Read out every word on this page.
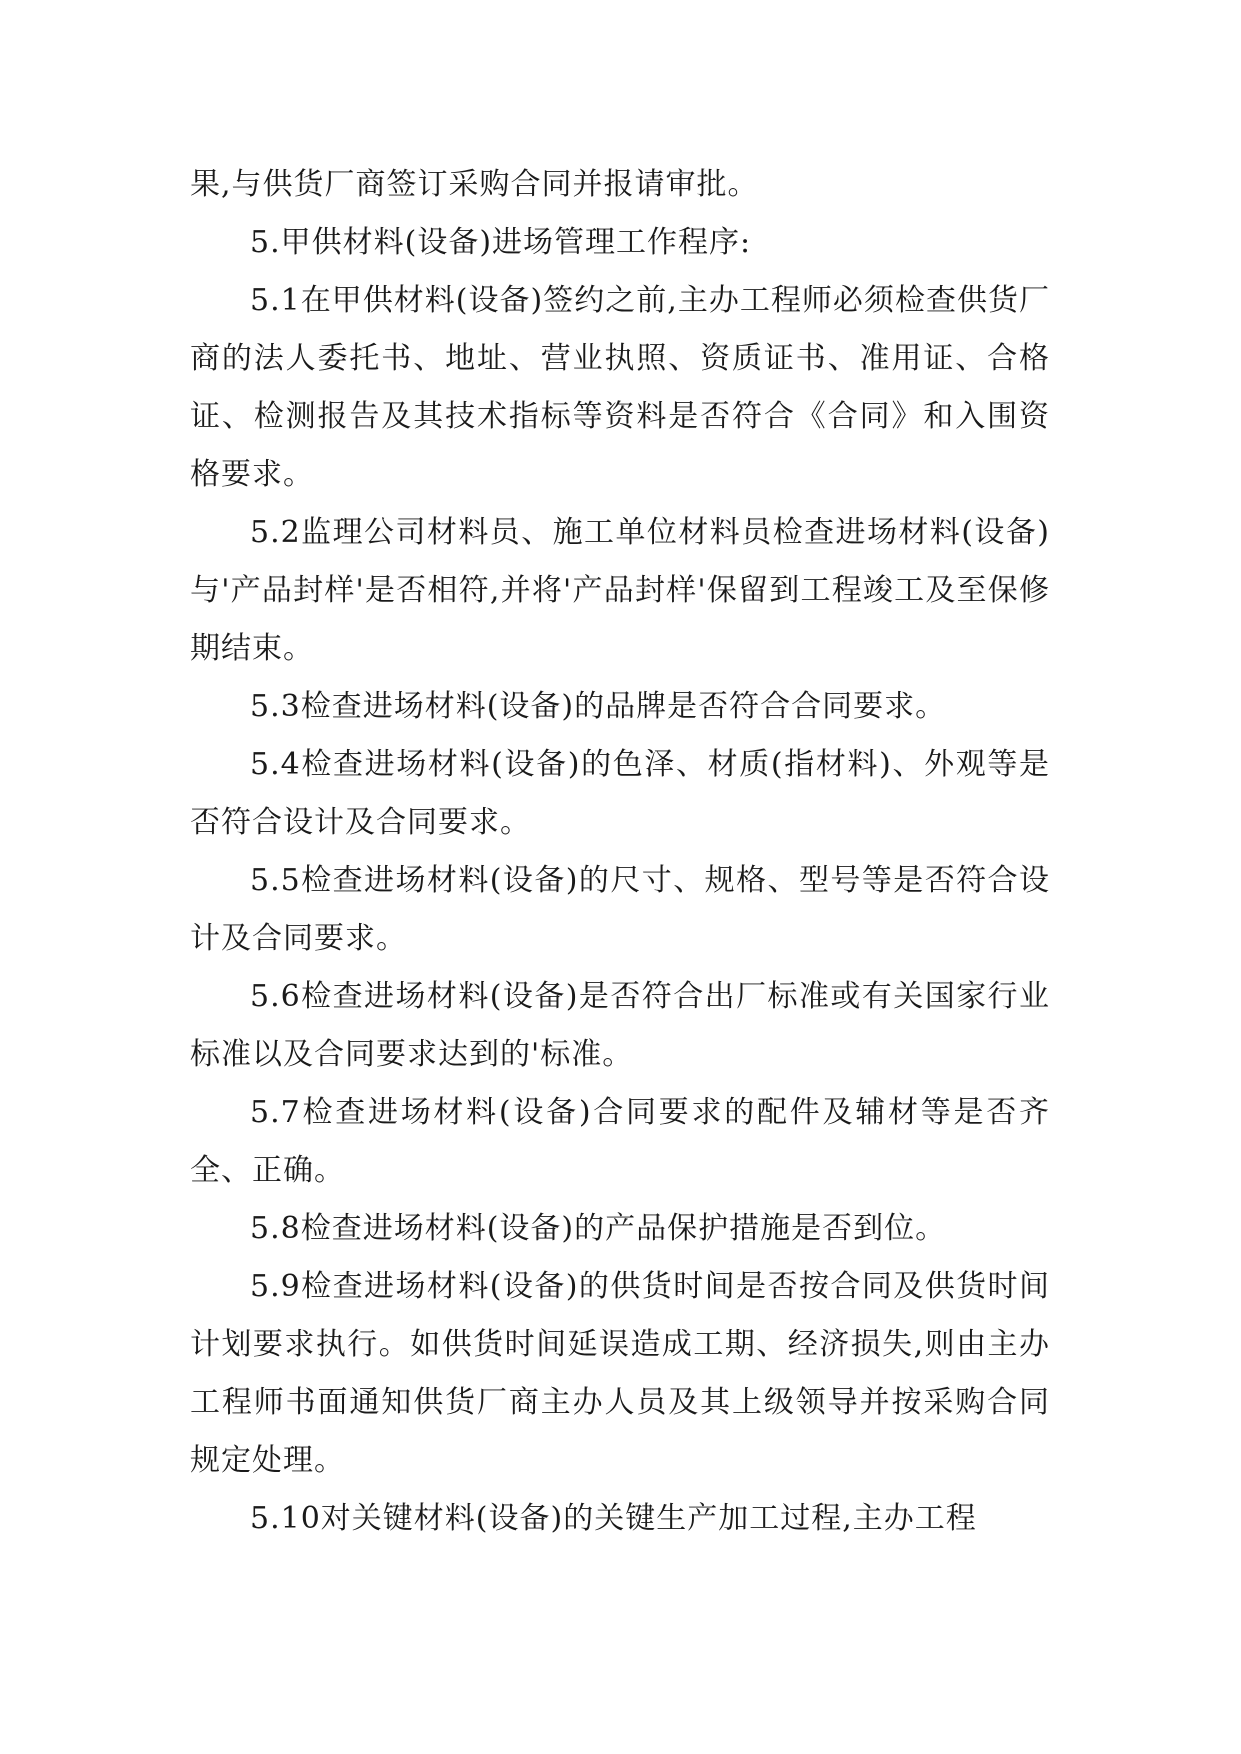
果,与供货厂商签订采购合同并报请审批。

5.甲供材料(设备)进场管理工作程序:

5.1在甲供材料(设备)签约之前,主办工程师必须检查供货厂商的法人委托书、地址、营业执照、资质证书、准用证、合格证、检测报告及其技术指标等资料是否符合《合同》和入围资格要求。

5.2监理公司材料员、施工单位材料员检查进场材料(设备)与'产品封样'是否相符,并将'产品封样'保留到工程竣工及至保修期结束。

5.3检查进场材料(设备)的品牌是否符合合同要求。

5.4检查进场材料(设备)的色泽、材质(指材料)、外观等是否符合设计及合同要求。

5.5检查进场材料(设备)的尺寸、规格、型号等是否符合设计及合同要求。

5.6检查进场材料(设备)是否符合出厂标准或有关国家行业标准以及合同要求达到的'标准。

5.7检查进场材料(设备)合同要求的配件及辅材等是否齐全、正确。

5.8检查进场材料(设备)的产品保护措施是否到位。

5.9检查进场材料(设备)的供货时间是否按合同及供货时间计划要求执行。如供货时间延误造成工期、经济损失,则由主办工程师书面通知供货厂商主办人员及其上级领导并按采购合同规定处理。

5.10对关键材料(设备)的关键生产加工过程,主办工程
